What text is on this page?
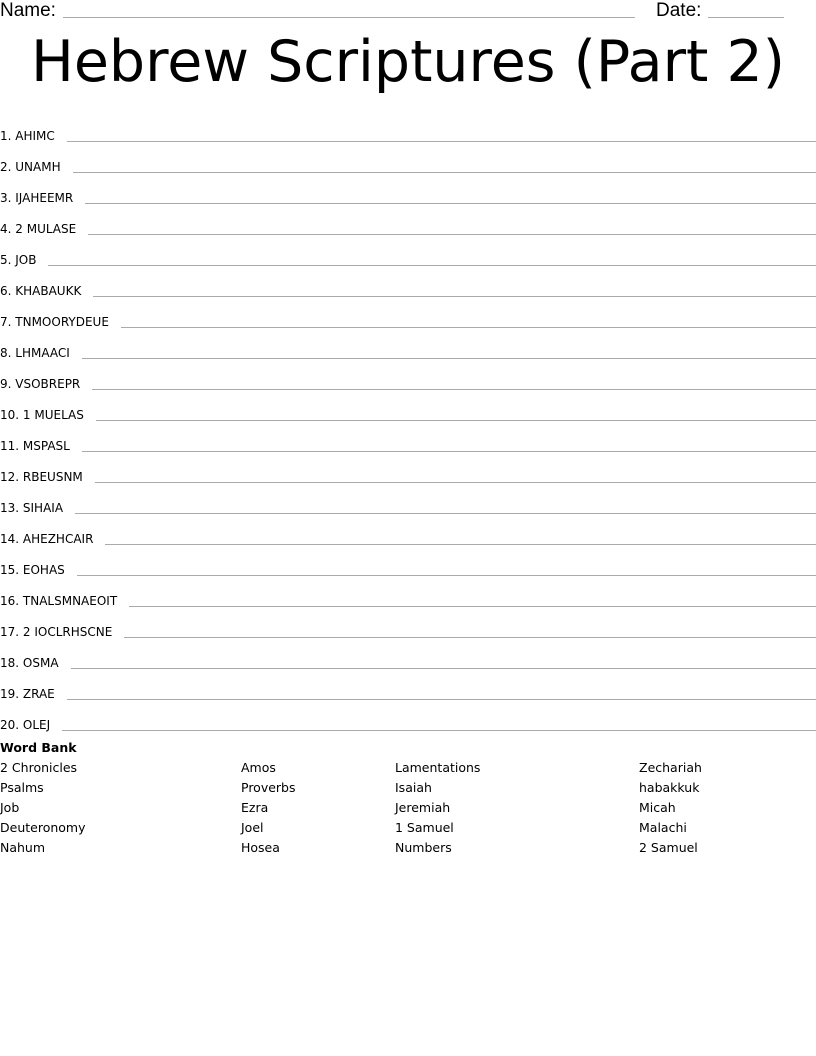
Name:	Date:
Hebrew Scriptures (Part 2)
1. AHIMC
2. UNAMH
3. IJAHEEMR
4. 2 MULASE
5. JOB
6. KHABAUKK
7. TNMOORYDEUE
8. LHMAACI
9. VSOBREPR
10. 1 MUELAS
11. MSPASL
12. RBEUSNM
13. SIHAIA
14. AHEZHCAIR
15. EOHAS
16. TNALSMNAEOIT
17. 2 IOCLRHSCNE
18. OSMA
19. ZRAE
20. OLEJ
Word Bank
2 Chronicles	Amos	Lamentations	Zechariah
Psalms	Proverbs	Isaiah	habakkuk
Job	Ezra	Jeremiah	Micah
Deuteronomy	Joel	1 Samuel	Malachi
Nahum	Hosea	Numbers	2 Samuel
